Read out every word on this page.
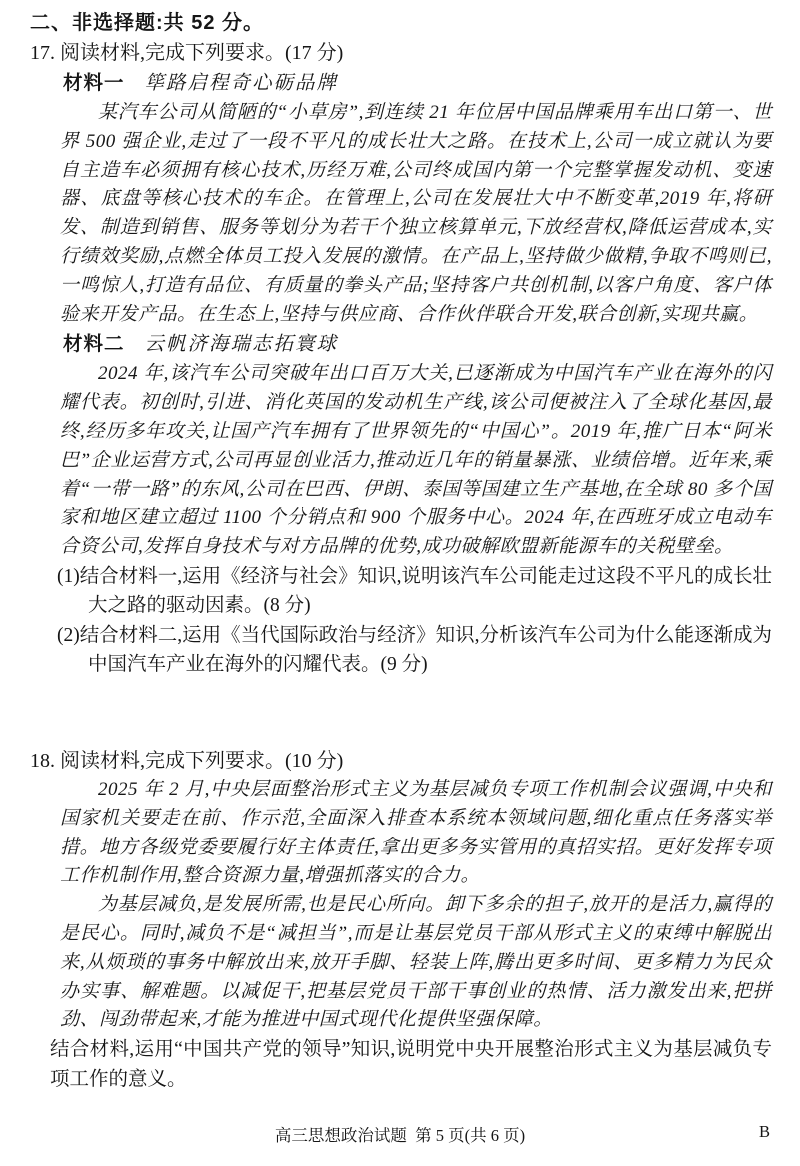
二、非选择题:共 52 分。
17. 阅读材料,完成下列要求。(17 分)
材料一 筚路启程奇心砺品牌

某汽车公司从简陋的“小草房”,到连续 21 年位居中国品牌乘用车出口第一、世界 500 强企业,走过了一段不平凡的成长壮大之路。在技术上,公司一成立就认为要自主造车必须拥有核心技术,历经万难,公司终成国内第一个完整掌握发动机、变速器、底盘等核心技术的车企。在管理上,公司在发展壮大中不断变革,2019 年,将研发、制造到销售、服务等划分为若干个独立核算单元,下放经营权,降低运营成本,实行绩效奖励,点燃全体员工投入发展的激情。在产品上,坚持做少做精,争取不鸣则已,一鸣惊人,打造有品位、有质量的拳头产品;坚持客户共创机制,以客户角度、客户体验来开发产品。在生态上,坚持与供应商、合作伙伴联合开发,联合创新,实现共赢。

材料二 云帆济海瑞志拓寰球

2024 年,该汽车公司突破年出口百万大关,已逐渐成为中国汽车产业在海外的闪耀代表。初创时,引进、消化英国的发动机生产线,该公司便被注入了全球化基因,最终,经历多年攻关,让国产汽车拥有了世界领先的“中国心”。2019 年,推广日本“阿米巴”企业运营方式,公司再显创业活力,推动近几年的销量暴涨、业绩倍增。近年来,乘着“一带一路”的东风,公司在巴西、伊朗、泰国等国建立生产基地,在全球 80 多个国家和地区建立超过 1100 个分销点和 900 个服务中心。2024 年,在西班牙成立电动车合资公司,发挥自身技术与对方品牌的优势,成功破解欧盟新能源车的关税壁垒。

(1)结合材料一,运用《经济与社会》知识,说明该汽车公司能走过这段不平凡的成长壮大之路的驱动因素。(8 分)
(2)结合材料二,运用《当代国际政治与经济》知识,分析该汽车公司为什么能逐渐成为中国汽车产业在海外的闪耀代表。(9 分)
18. 阅读材料,完成下列要求。(10 分)

2025 年 2 月,中央层面整治形式主义为基层减负专项工作机制会议强调,中央和国家机关要走在前、作示范,全面深入排查本系统本领域问题,细化重点任务落实举措。地方各级党委要履行好主体责任,拿出更多务实管用的真招实招。更好发挥专项工作机制作用,整合资源力量,增强抓落实的合力。

为基层减负,是发展所需,也是民心所向。卸下多余的担子,放开的是活力,赢得的是民心。同时,减负不是“减担当”,而是让基层党员干部从形式主义的束缚中解脱出来,从烦琐的事务中解放出来,放开手脚、轻装上阵,腾出更多时间、更多精力为民众办实事、解难题。以减促干,把基层党员干部干事创业的热情、活力激发出来,把拼劲、闯劲带起来,才能为推进中国式现代化提供坚强保障。

结合材料,运用“中国共产党的领导”知识,说明党中央开展整治形式主义为基层减负专项工作的意义。
高三思想政治试题  第 5 页(共 6 页)	B
